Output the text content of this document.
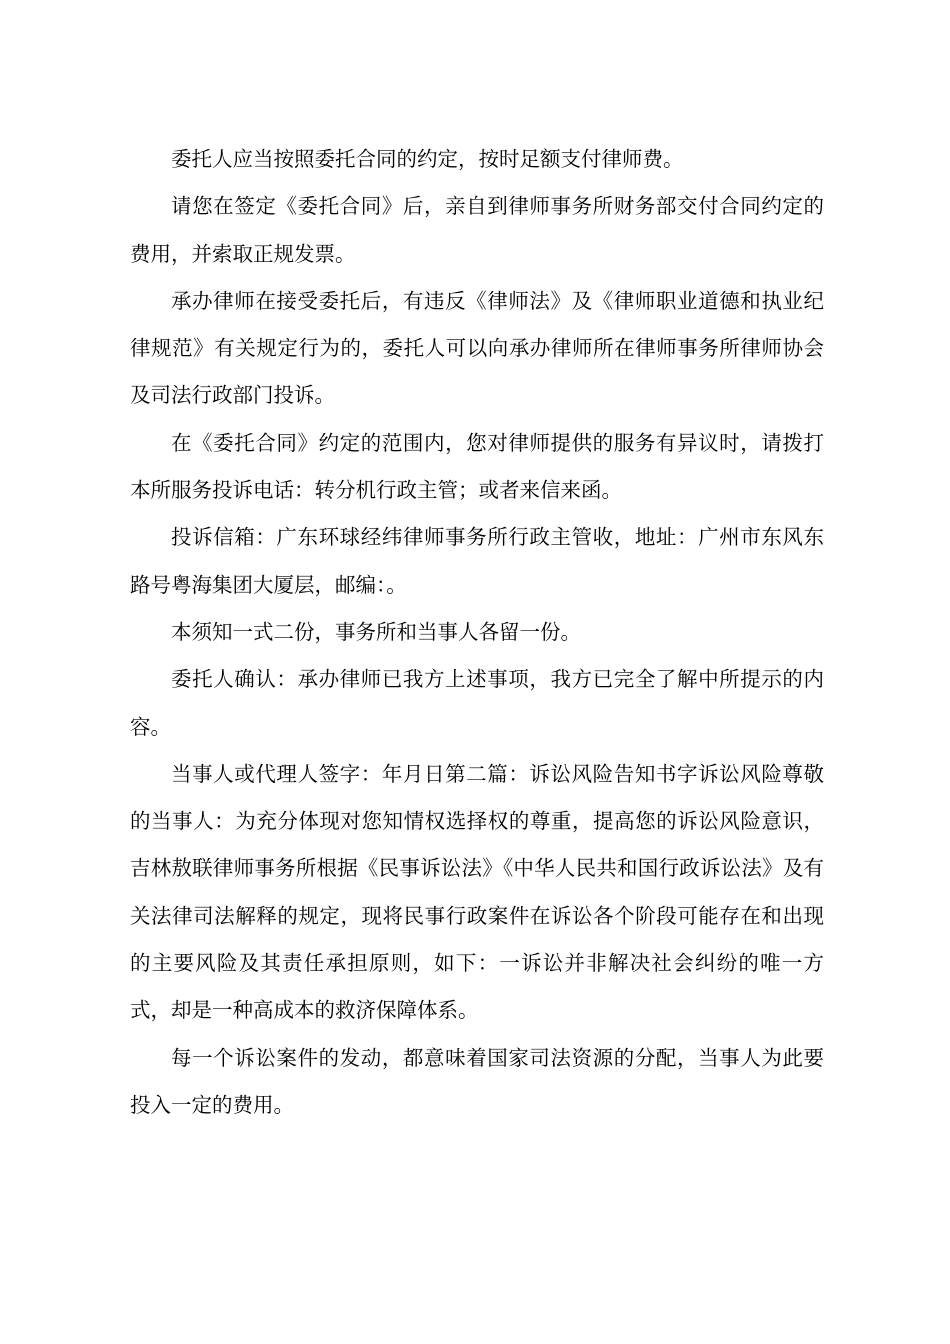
委托人应当按照委托合同的约定，按时足额支付律师费。

请您在签定《委托合同》后，亲自到律师事务所财务部交付合同约定的费用，并索取正规发票。

承办律师在接受委托后，有违反《律师法》及《律师职业道德和执业纪律规范》有关规定行为的，委托人可以向承办律师所在律师事务所律师协会及司法行政部门投诉。

在《委托合同》约定的范围内，您对律师提供的服务有异议时，请拨打本所服务投诉电话：转分机行政主管；或者来信来函。

投诉信箱：广东环球经纬律师事务所行政主管收，地址：广州市东风东路号粤海集团大厦层，邮编：。

本须知一式二份，事务所和当事人各留一份。

委托人确认：承办律师已我方上述事项，我方已完全了解中所提示的内容。

当事人或代理人签字：年月日第二篇：诉讼风险告知书字诉讼风险尊敬的当事人：为充分体现对您知情权选择权的尊重，提高您的诉讼风险意识，吉林敖联律师事务所根据《民事诉讼法》《中华人民共和国行政诉讼法》及有关法律司法解释的规定，现将民事行政案件在诉讼各个阶段可能存在和出现的主要风险及其责任承担原则，如下：一诉讼并非解决社会纠纷的唯一方式，却是一种高成本的救济保障体系。

每一个诉讼案件的发动，都意味着国家司法资源的分配，当事人为此要投入一定的费用。
